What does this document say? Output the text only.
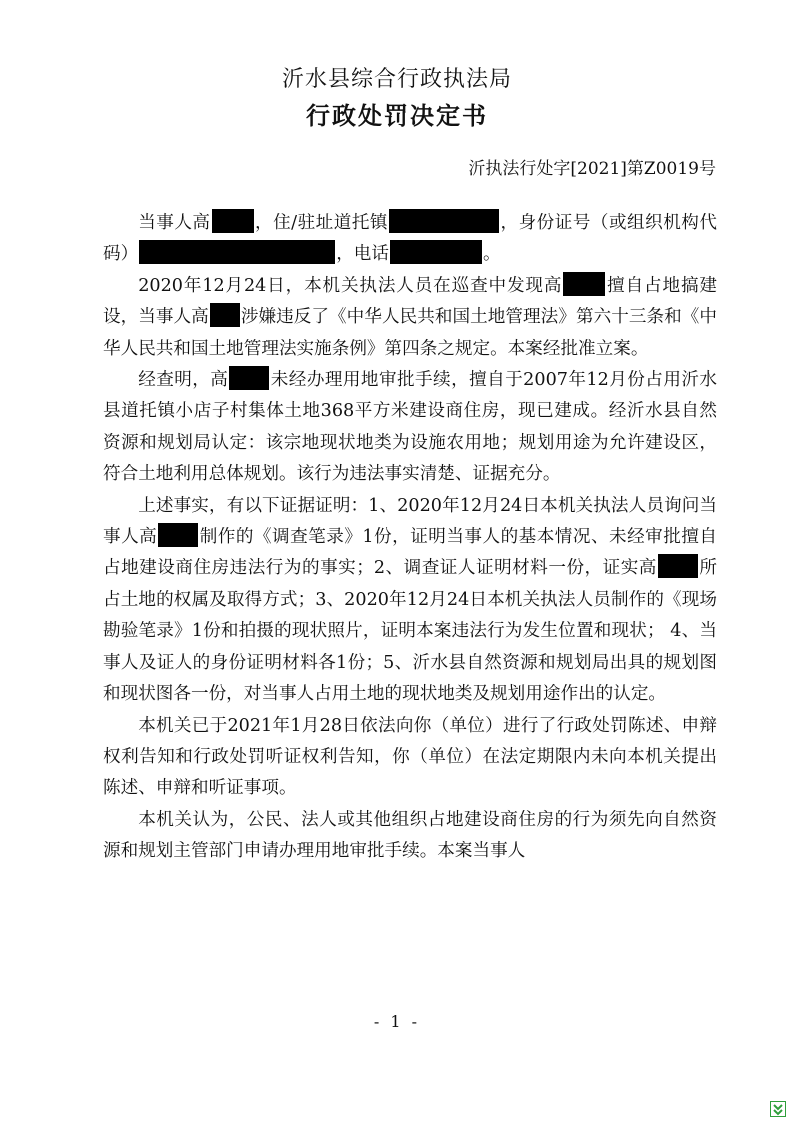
沂水县综合行政执法局
行政处罚决定书
沂执法行处字[2021]第Z0019号

当事人高	，住/驻址道托镇	，身份证号（或组织机构代码）	，电话	。

2020年12月24日，本机关执法人员在巡查中发现高	擅自占地搞建设，当事人高 涉嫌违反了《中华人民共和国土地管理法》第六十三条和《中华人民共和国土地管理法实施条例》第四条之规定。本案经批准立案。

经查明，高 未经办理用地审批手续，擅自于2007年12月份占用沂水县道托镇小店子村集体土地368平方米建设商住房，现已建成。经沂水县自然资源和规划局认定：该宗地现状地类为设施农用地；规划用途为允许建设区，符合土地利用总体规划。该行为违法事实清楚、证据充分。

上述事实，有以下证据证明：1、2020年12月24日本机关执法人员询问当事人高 制作的《调查笔录》1份，证明当事人的基本情况、未经审批擅自占地建设商住房违法行为的事实；2、调查证人证明材料一份，证实高 所占土地的权属及取得方式；3、2020年12月24日本机关执法人员制作的《现场勘验笔录》1份和拍摄的现状照片，证明本案违法行为发生位置和现状； 4、当事人及证人的身份证明材料各1份；5、沂水县自然资源和规划局出具的规划图和现状图各一份，对当事人占用土地的现状地类及规划用途作出的认定。

本机关已于2021年1月28日依法向你（单位）进行了行政处罚陈述、申辩权利告知和行政处罚听证权利告知，你（单位）在法定期限内未向本机关提出陈述、申辩和听证事项。

本机关认为，公民、法人或其他组织占地建设商住房的行为须先向自然资源和规划主管部门申请办理用地审批手续。本案当事人

- 1 -
